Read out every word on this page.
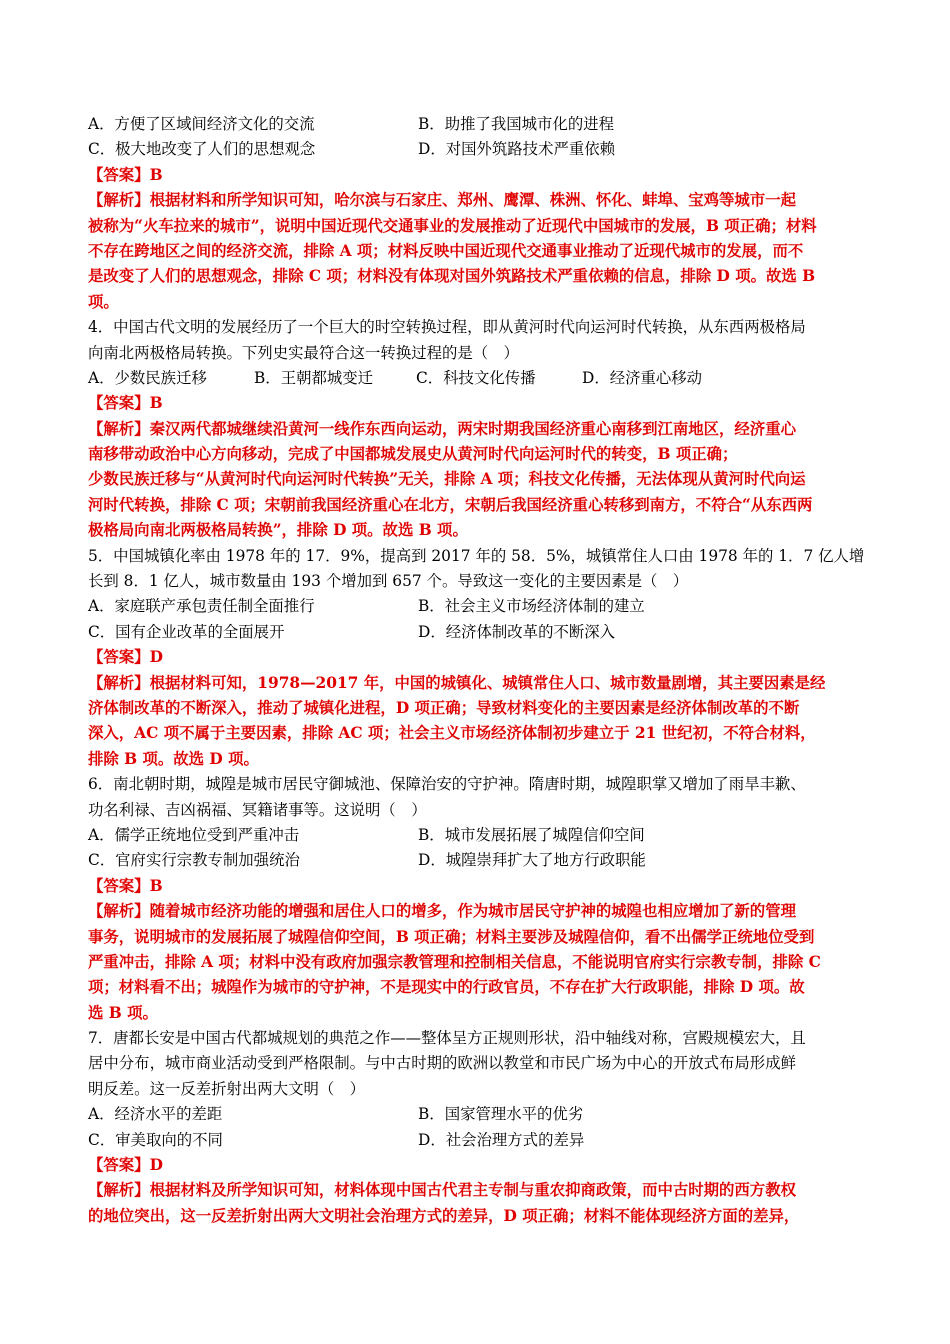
A．方便了区域间经济文化的交流	B．助推了我国城市化的进程
C．极大地改变了人们的思想观念	D．对国外筑路技术严重依赖
【答案】B
【解析】根据材料和所学知识可知，哈尔滨与石家庄、郑州、鹰潭、株洲、怀化、蚌埠、宝鸡等城市一起
被称为“火车拉来的城市”，说明中国近现代交通事业的发展推动了近现代中国城市的发展，B 项正确；材料
不存在跨地区之间的经济交流，排除 A 项；材料反映中国近现代交通事业推动了近现代城市的发展，而不
是改变了人们的思想观念，排除 C 项；材料没有体现对国外筑路技术严重依赖的信息，排除 D 项。故选 B
项。
4．中国古代文明的发展经历了一个巨大的时空转换过程，即从黄河时代向运河时代转换，从东西两极格局
向南北两极格局转换。下列史实最符合这一转换过程的是（　）
A．少数民族迁移	B．王朝都城变迁	C．科技文化传播	D．经济重心移动
【答案】B
【解析】秦汉两代都城继续沿黄河一线作东西向运动，两宋时期我国经济重心南移到江南地区，经济重心
南移带动政治中心方向移动，完成了中国都城发展史从黄河时代向运河时代的转变，B 项正确；
少数民族迁移与“从黄河时代向运河时代转换”无关，排除 A 项；科技文化传播，无法体现从黄河时代向运
河时代转换，排除 C 项；宋朝前我国经济重心在北方，宋朝后我国经济重心转移到南方，不符合“从东西两
极格局向南北两极格局转换”，排除 D 项。故选 B 项。
5．中国城镇化率由 1978 年的 17．9%，提高到 2017 年的 58．5%，城镇常住人口由 1978 年的 1．7 亿人增
长到 8．1 亿人，城市数量由 193 个增加到 657 个。导致这一变化的主要因素是（　）
A．家庭联产承包责任制全面推行	B．社会主义市场经济体制的建立
C．国有企业改革的全面展开	D．经济体制改革的不断深入
【答案】D
【解析】根据材料可知，1978—2017 年，中国的城镇化、城镇常住人口、城市数量剧增，其主要因素是经
济体制改革的不断深入，推动了城镇化进程，D 项正确；导致材料变化的主要因素是经济体制改革的不断
深入，AC 项不属于主要因素，排除 AC 项；社会主义市场经济体制初步建立于 21 世纪初，不符合材料，
排除 B 项。故选 D 项。
6．南北朝时期，城隍是城市居民守御城池、保障治安的守护神。隋唐时期，城隍职掌又增加了雨旱丰歉、
功名利禄、吉凶祸福、冥籍诸事等。这说明（　）
A．儒学正统地位受到严重冲击	B．城市发展拓展了城隍信仰空间
C．官府实行宗教专制加强统治	D．城隍崇拜扩大了地方行政职能
【答案】B
【解析】随着城市经济功能的增强和居住人口的增多，作为城市居民守护神的城隍也相应增加了新的管理
事务，说明城市的发展拓展了城隍信仰空间，B 项正确；材料主要涉及城隍信仰，看不出儒学正统地位受到
严重冲击，排除 A 项；材料中没有政府加强宗教管理和控制相关信息，不能说明官府实行宗教专制，排除 C
项；材料看不出；城隍作为城市的守护神，不是现实中的行政官员，不存在扩大行政职能，排除 D 项。故
选 B 项。
7．唐都长安是中国古代都城规划的典范之作——整体呈方正规则形状，沿中轴线对称，宫殿规模宏大，且
居中分布，城市商业活动受到严格限制。与中古时期的欧洲以教堂和市民广场为中心的开放式布局形成鲜
明反差。这一反差折射出两大文明（　）
A．经济水平的差距	B．国家管理水平的优劣
C．审美取向的不同	D．社会治理方式的差异
【答案】D
【解析】根据材料及所学知识可知，材料体现中国古代君主专制与重农抑商政策，而中古时期的西方教权
的地位突出，这一反差折射出两大文明社会治理方式的差异，D 项正确；材料不能体现经济方面的差异，
